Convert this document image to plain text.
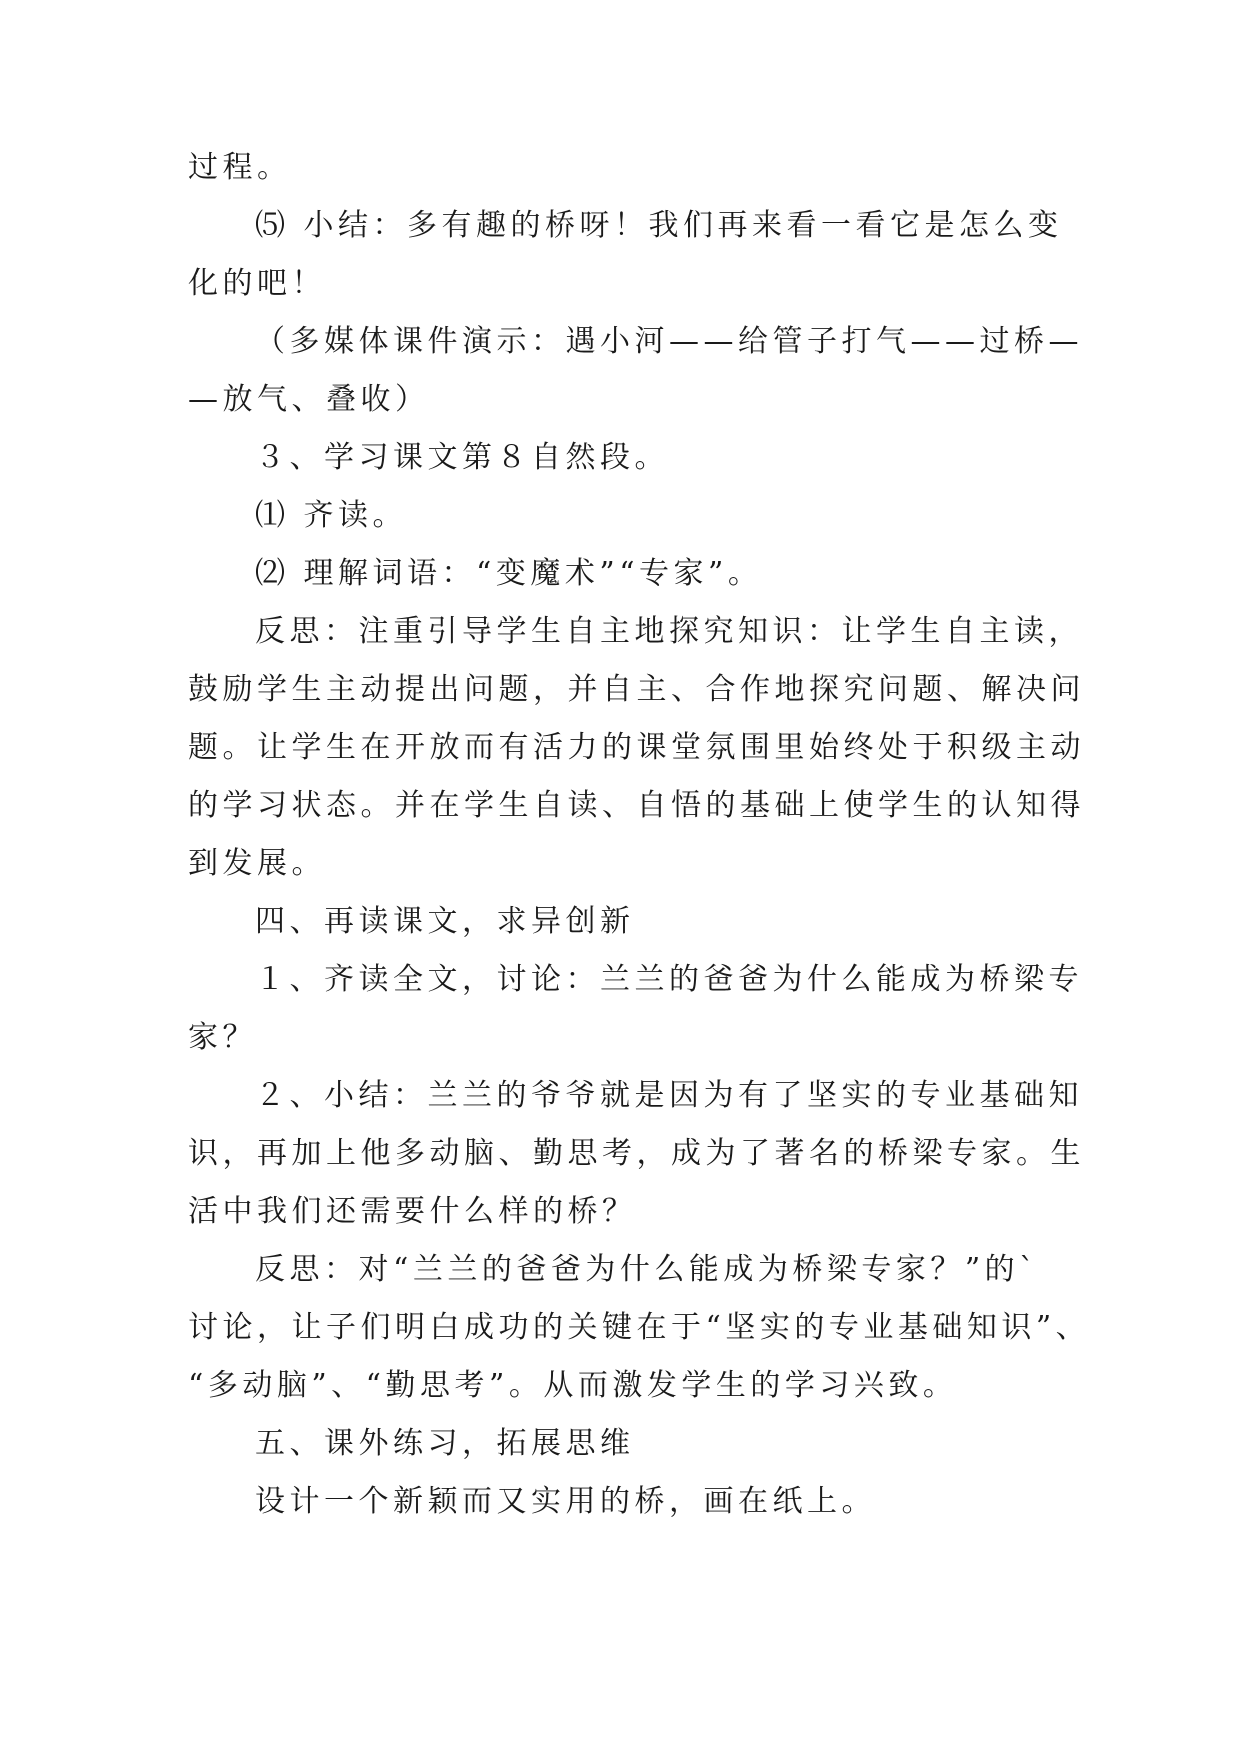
过程。
⑸ 小结：多有趣的桥呀！我们再来看一看它是怎么变
化的吧！
（多媒体课件演示：遇小河——给管子打气——过桥—
—放气、叠收）
３、学习课文第８自然段。
⑴ 齐读。
⑵ 理解词语：“变魔术”“专家”。
反思：注重引导学生自主地探究知识：让学生自主读，
鼓励学生主动提出问题，并自主、合作地探究问题、解决问
题。让学生在开放而有活力的课堂氛围里始终处于积级主动
的学习状态。并在学生自读、自悟的基础上使学生的认知得
到发展。
四、再读课文，求异创新
１、齐读全文，讨论：兰兰的爸爸为什么能成为桥梁专
家？
２、小结：兰兰的爷爷就是因为有了坚实的专业基础知
识，再加上他多动脑、勤思考，成为了著名的桥梁专家。生
活中我们还需要什么样的桥？
反思：对“兰兰的爸爸为什么能成为桥梁专家？”的`
讨论，让子们明白成功的关键在于“坚实的专业基础知识”、
“多动脑”、“勤思考”。从而激发学生的学习兴致。
五、课外练习，拓展思维
设计一个新颖而又实用的桥，画在纸上。
